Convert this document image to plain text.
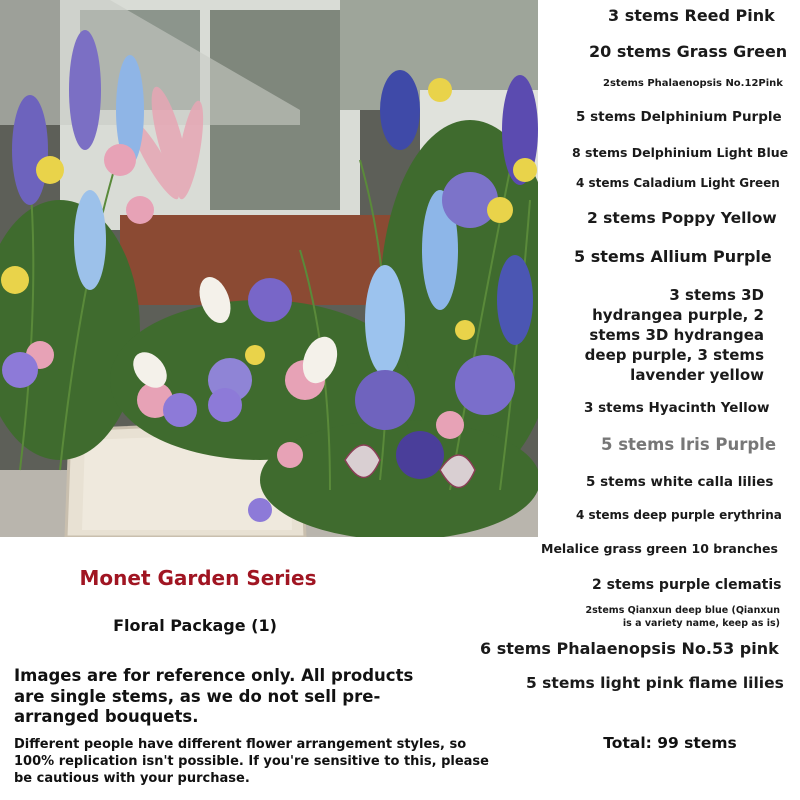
3 stems Reed Pink

20 stems Grass Green

2stems Phalaenopsis No.12Pink

5 stems Delphinium Purple

8 stems Delphinium Light Blue

4 stems Caladium Light Green

2 stems Poppy Yellow

5 stems Allium Purple

3 stems 3D hydrangea purple, 2 stems 3D hydrangea deep purple, 3 stems lavender yellow

3 stems Hyacinth Yellow

5 stems Iris Purple

5 stems white calla lilies

4 stems deep purple erythrina

Melalice grass green 10 branches

2 stems purple clematis

2stems Qianxun deep blue (Qianxun is a variety name, keep as is)

6 stems Phalaenopsis No.53 pink

5 stems light pink flame lilies

Monet Garden Series

Floral Package (1)

Images are for reference only. All products are single stems, as we do not sell pre-arranged bouquets.

Different people have different flower arrangement styles, so 100% replication isn't possible. If you're sensitive to this, please be cautious with your purchase.

Total: 99 stems
